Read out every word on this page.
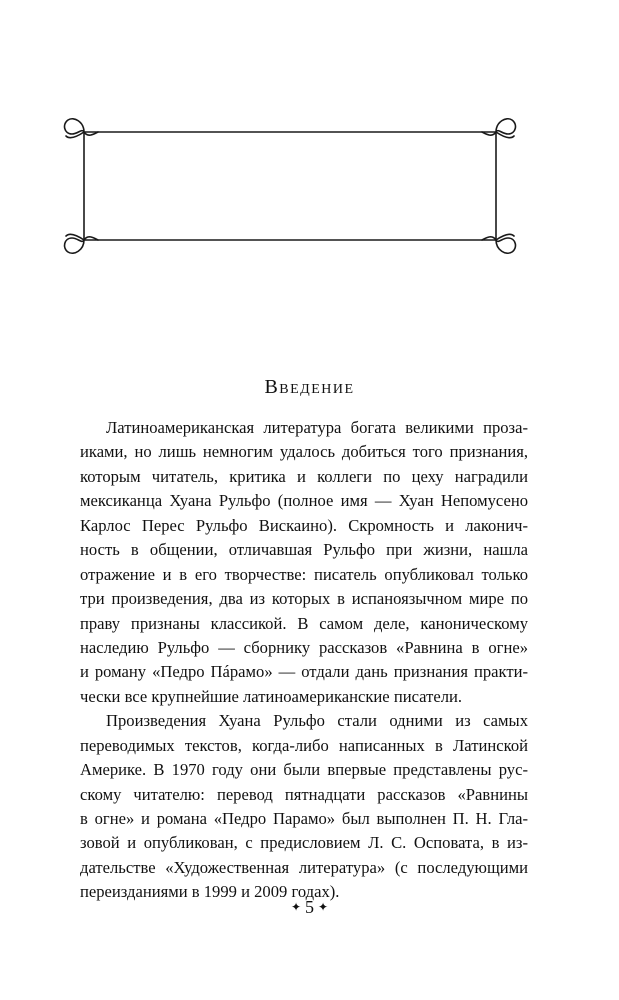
Введение
Латиноамериканская литература богата великими проза-
иками, но лишь немногим удалось добиться того признания,
которым читатель, критика и коллеги по цеху наградили
мексиканца Хуана Рульфо (полное имя — Хуан Непомусено
Карлос Перес Рульфо Вискаино). Скромность и лаконич-
ность в общении, отличавшая Рульфо при жизни, нашла
отражение и в его творчестве: писатель опубликовал только
три произведения, два из которых в испаноязычном мире по
праву признаны классикой. В самом деле, каноническому
наследию Рульфо — сборнику рассказов «Равнина в огне»
и роману «Педро Пáрамо» — отдали дань признания практи-
чески все крупнейшие латиноамериканские писатели.
Произведения Хуана Рульфо стали одними из самых
переводимых текстов, когда-либо написанных в Латинской
Америке. В 1970 году они были впервые представлены рус-
скому читателю: перевод пятнадцати рассказов «Равнины
в огне» и романа «Педро Парамо» был выполнен П. Н. Гла-
зовой и опубликован, с предисловием Л. С. Осповата, в из-
дательстве «Художественная литература» (с последующими
переизданиями в 1999 и 2009 годах).
✦ 5 ✦
